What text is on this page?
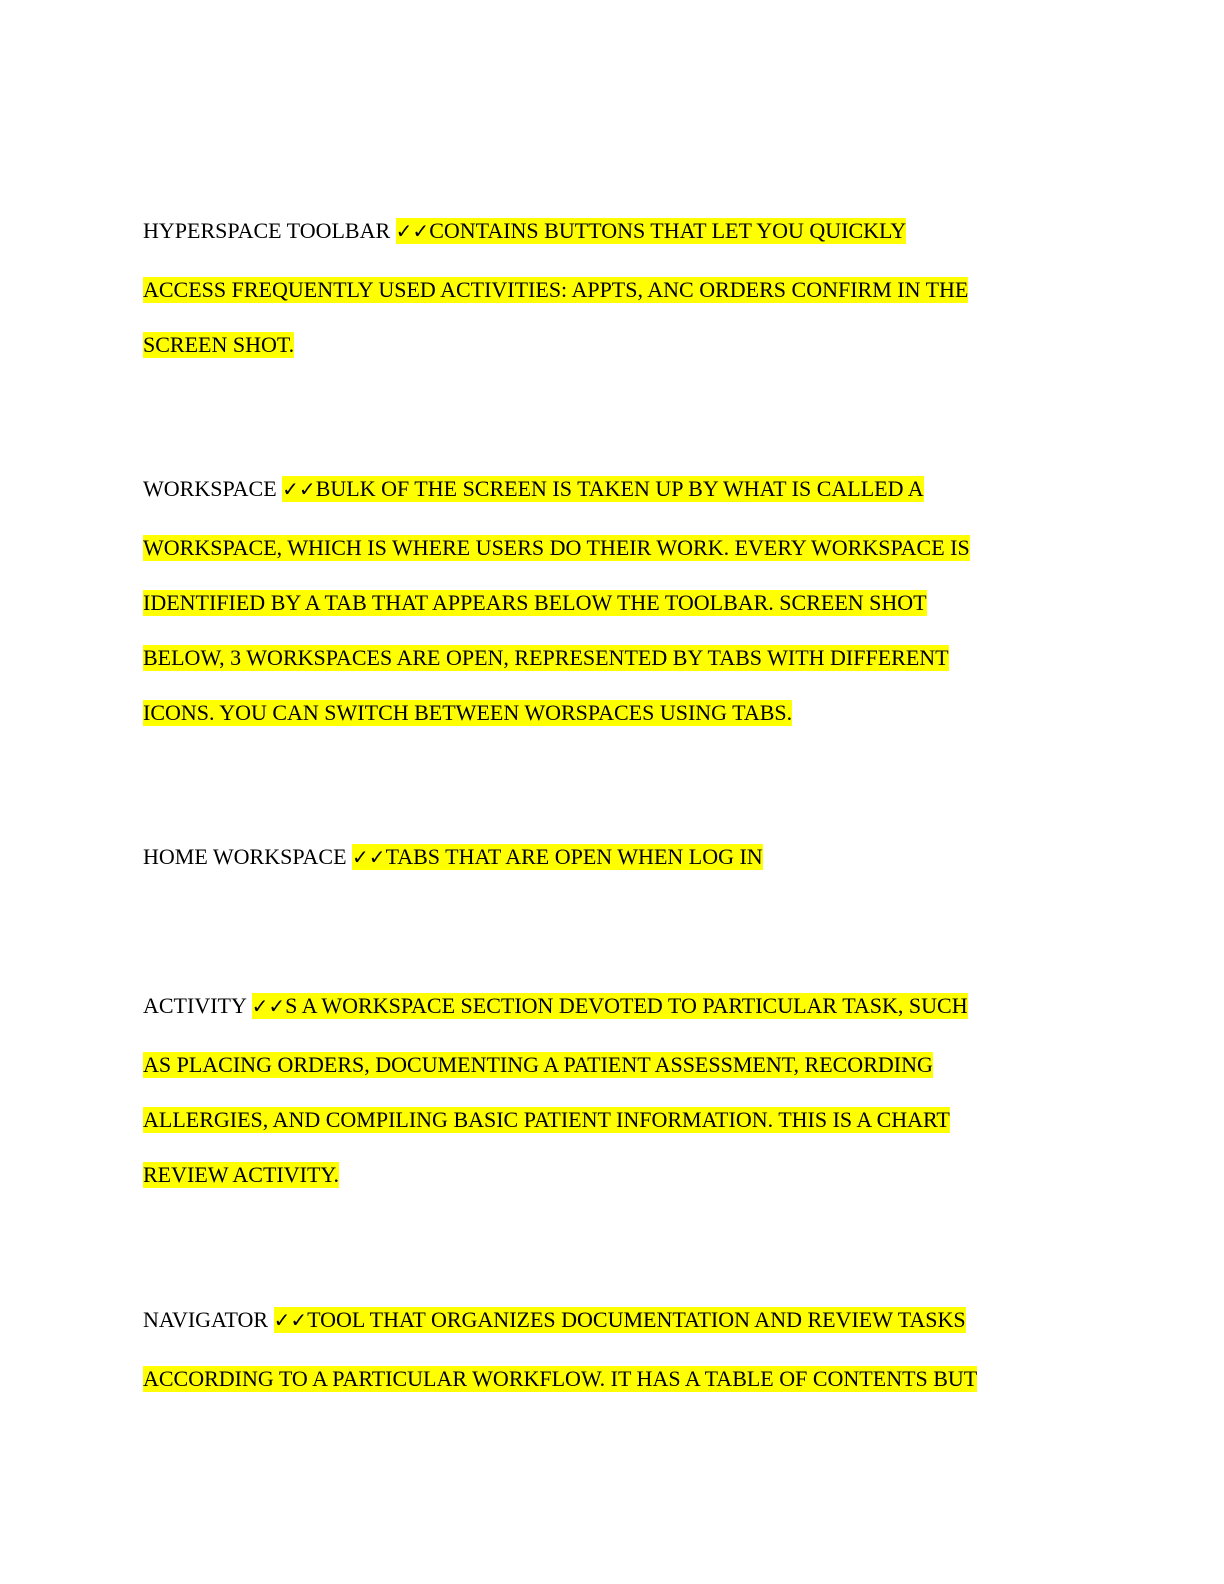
HYPERSPACE TOOLBAR ✓✓CONTAINS BUTTONS THAT LET YOU QUICKLY
ACCESS FREQUENTLY USED ACTIVITIES: APPTS, ANC ORDERS CONFIRM IN THE
SCREEN SHOT.
WORKSPACE ✓✓BULK OF THE SCREEN IS TAKEN UP BY WHAT IS CALLED A
WORKSPACE, WHICH IS WHERE USERS DO THEIR WORK. EVERY WORKSPACE IS
IDENTIFIED BY A TAB THAT APPEARS BELOW THE TOOLBAR. SCREEN SHOT
BELOW, 3 WORKSPACES ARE OPEN, REPRESENTED BY TABS WITH DIFFERENT
ICONS. YOU CAN SWITCH BETWEEN WORSPACES USING TABS.
HOME WORKSPACE ✓✓TABS THAT ARE OPEN WHEN LOG IN
ACTIVITY ✓✓S A WORKSPACE SECTION DEVOTED TO PARTICULAR TASK, SUCH
AS PLACING ORDERS, DOCUMENTING A PATIENT ASSESSMENT, RECORDING
ALLERGIES, AND COMPILING BASIC PATIENT INFORMATION. THIS IS A CHART
REVIEW ACTIVITY.
NAVIGATOR ✓✓TOOL THAT ORGANIZES DOCUMENTATION AND REVIEW TASKS
ACCORDING TO A PARTICULAR WORKFLOW. IT HAS A TABLE OF CONTENTS BUT
